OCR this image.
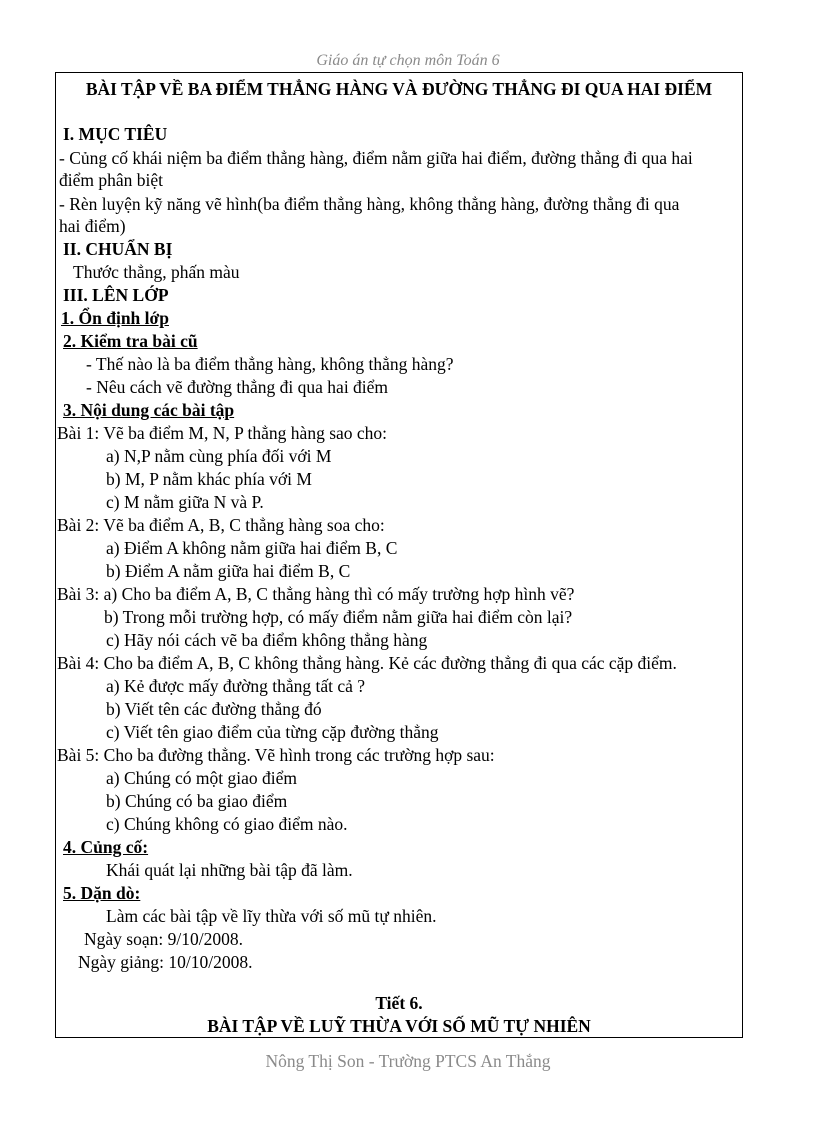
Giáo án tự chọn môn Toán 6
BÀI TẬP VỀ BA ĐIỂM THẲNG HÀNG VÀ ĐƯỜNG THẲNG ĐI QUA HAI ĐIỂM
I. MỤC TIÊU
- Củng cố khái niệm ba điểm thẳng hàng, điểm nằm giữa hai điểm, đường thẳng đi qua hai
điểm phân biệt
- Rèn luyện kỹ năng vẽ hình(ba điểm thẳng hàng, không thẳng hàng, đường thẳng đi qua
hai điểm)
II. CHUẨN BỊ
Thước thẳng, phấn màu
III. LÊN LỚP
1. Ổn định lớp
2. Kiểm tra bài cũ
- Thế nào là ba điểm thẳng hàng, không thẳng hàng?
- Nêu cách vẽ đường thẳng đi qua hai điểm
3. Nội dung các bài tập
Bài 1: Vẽ ba điểm M, N, P thẳng hàng sao cho:
a) N,P nằm cùng phía đối với M
b) M, P nằm khác phía với M
c) M nằm giữa N và P.
Bài 2: Vẽ ba điểm A, B, C thẳng hàng soa cho:
a) Điểm A không nằm giữa hai điểm B, C
b) Điểm A nằm giữa hai điểm B, C
Bài 3: a) Cho ba điểm A, B, C thẳng hàng thì có mấy trường hợp hình vẽ?
b) Trong mỗi trường hợp, có mấy điểm nằm giữa hai điểm còn lại?
c) Hãy nói cách vẽ ba điểm không thẳng hàng
Bài 4: Cho ba điểm A, B, C không thẳng hàng. Kẻ các đường thẳng đi qua các cặp điểm.
a) Kẻ được mấy đường thẳng tất cả ?
b) Viết tên các đường thẳng đó
c) Viết tên giao điểm của từng cặp đường thẳng
Bài 5: Cho ba đường thẳng. Vẽ hình trong các trường hợp sau:
a) Chúng có một giao điểm
b) Chúng có ba giao điểm
c) Chúng không có giao điểm nào.
4. Củng cố:
Khái quát lại những bài tập đã làm.
5. Dặn dò:
Làm các bài tập về lĩy thừa với số mũ tự nhiên.
Ngày soạn: 9/10/2008.
Ngày giảng: 10/10/2008.
Tiết 6.
BÀI TẬP VỀ LUỸ THỪA VỚI SỐ MŨ TỰ NHIÊN
Nông Thị Son - Trường PTCS An Thắng
